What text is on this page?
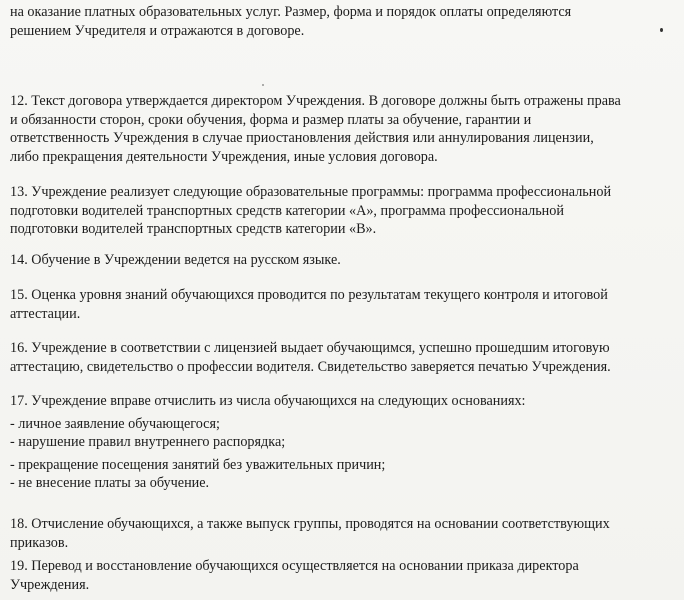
на оказание платных образовательных услуг. Размер, форма и порядок оплаты определяются
решением Учредителя и отражаются в договоре.
12. Текст договора утверждается директором Учреждения. В договоре должны быть отражены права
и обязанности сторон, сроки обучения, форма и размер платы за обучение, гарантии и
ответственность Учреждения в случае приостановления действия или аннулирования лицензии,
либо прекращения деятельности Учреждения, иные условия договора.
13. Учреждение реализует следующие образовательные программы: программа профессиональной
подготовки водителей транспортных средств категории «А», программа профессиональной
подготовки водителей транспортных средств категории «В».
14. Обучение в Учреждении ведется на русском языке.
15. Оценка уровня знаний обучающихся проводится по результатам текущего контроля и итоговой
аттестации.
16. Учреждение в соответствии с лицензией выдает обучающимся, успешно прошедшим итоговую
аттестацию, свидетельство о профессии водителя. Свидетельство заверяется печатью Учреждения.
17. Учреждение вправе отчислить из числа обучающихся на следующих основаниях:
- личное заявление обучающегося;
- нарушение правил внутреннего распорядка;
- прекращение посещения занятий без уважительных причин;
- не внесение платы за обучение.
18. Отчисление обучающихся, а также выпуск группы, проводятся на основании соответствующих
приказов.
19. Перевод и восстановление обучающихся осуществляется на основании приказа директора
Учреждения.
